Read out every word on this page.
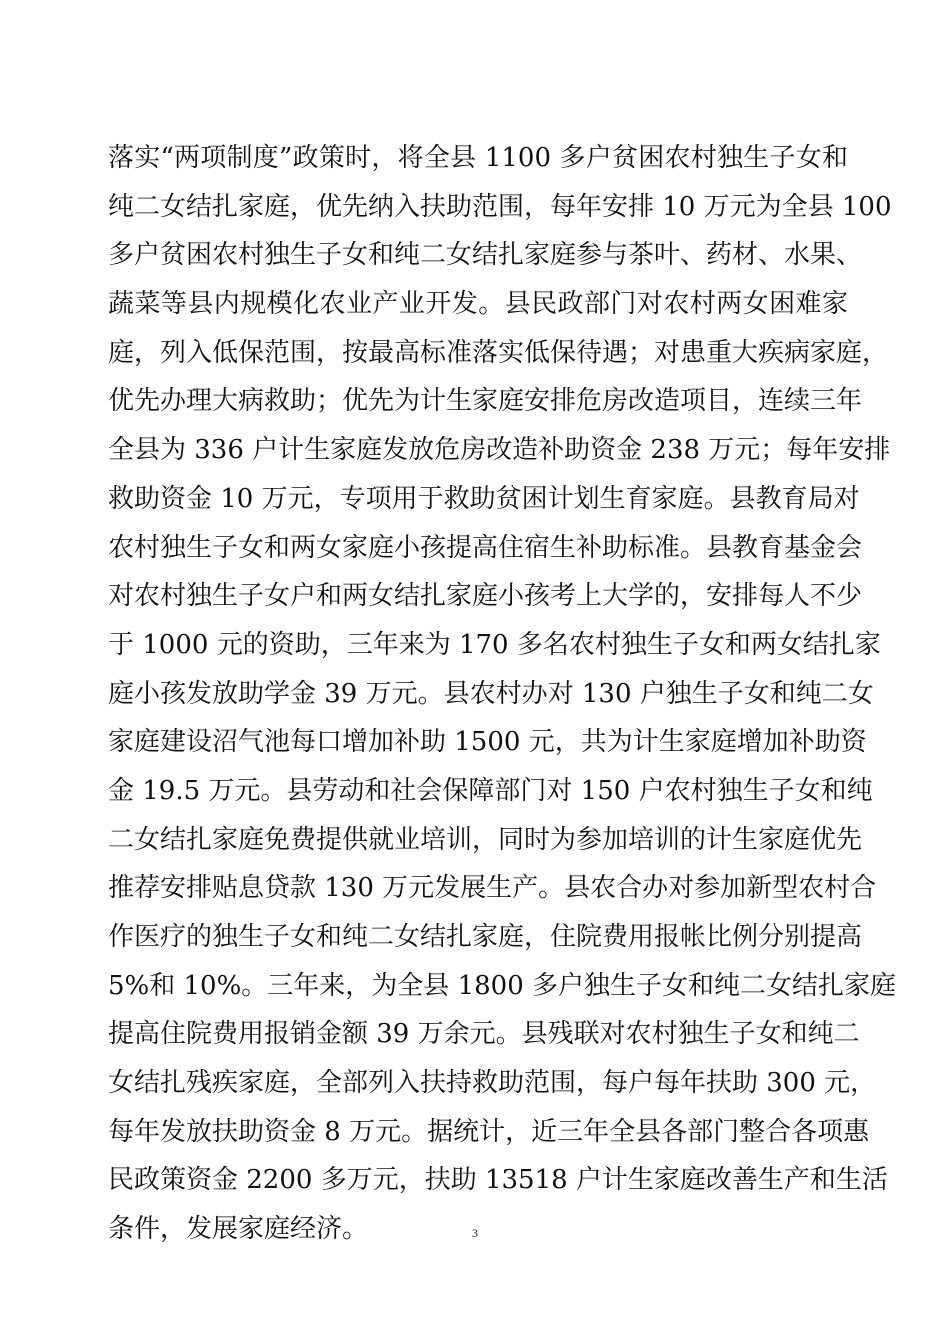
落实“两项制度”政策时，将全县 1100 多户贫困农村独生子女和
纯二女结扎家庭，优先纳入扶助范围，每年安排 10 万元为全县 100
多户贫困农村独生子女和纯二女结扎家庭参与茶叶、药材、水果、
蔬菜等县内规模化农业产业开发。县民政部门对农村两女困难家
庭，列入低保范围，按最高标准落实低保待遇；对患重大疾病家庭，
优先办理大病救助；优先为计生家庭安排危房改造项目，连续三年
全县为 336 户计生家庭发放危房改造补助资金 238 万元；每年安排
救助资金 10 万元，专项用于救助贫困计划生育家庭。县教育局对
农村独生子女和两女家庭小孩提高住宿生补助标准。县教育基金会
对农村独生子女户和两女结扎家庭小孩考上大学的，安排每人不少
于 1000 元的资助，三年来为 170 多名农村独生子女和两女结扎家
庭小孩发放助学金 39 万元。县农村办对 130 户独生子女和纯二女
家庭建设沼气池每口增加补助 1500 元，共为计生家庭增加补助资
金 19.5 万元。县劳动和社会保障部门对 150 户农村独生子女和纯
二女结扎家庭免费提供就业培训，同时为参加培训的计生家庭优先
推荐安排贴息贷款 130 万元发展生产。县农合办对参加新型农村合
作医疗的独生子女和纯二女结扎家庭，住院费用报帐比例分别提高
5%和 10%。三年来，为全县 1800 多户独生子女和纯二女结扎家庭
提高住院费用报销金额 39 万余元。县残联对农村独生子女和纯二
女结扎残疾家庭，全部列入扶持救助范围，每户每年扶助 300 元，
每年发放扶助资金 8 万元。据统计，近三年全县各部门整合各项惠
民政策资金 2200 多万元，扶助 13518 户计生家庭改善生产和生活
条件，发展家庭经济。	3
